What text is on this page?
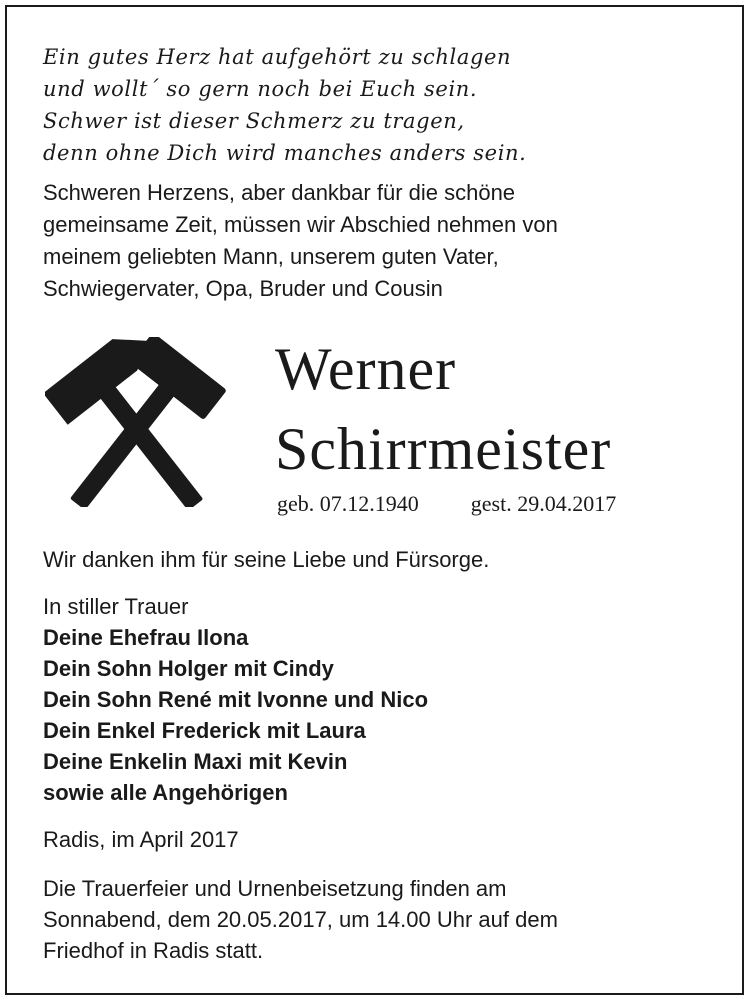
Ein gutes Herz hat aufgehört zu schlagen
und wollt´ so gern noch bei Euch sein.
Schwer ist dieser Schmerz zu tragen,
denn ohne Dich wird manches anders sein.
Schweren Herzens, aber dankbar für die schöne
gemeinsame Zeit, müssen wir Abschied nehmen von
meinem geliebten Mann, unserem guten Vater,
Schwiegervater, Opa, Bruder und Cousin
Werner
Schirrmeister
geb. 07.12.1940 gest. 29.04.2017
Wir danken ihm für seine Liebe und Fürsorge.
In stiller Trauer
Deine Ehefrau Ilona
Dein Sohn Holger mit Cindy
Dein Sohn René mit Ivonne und Nico
Dein Enkel Frederick mit Laura
Deine Enkelin Maxi mit Kevin
sowie alle Angehörigen
Radis, im April 2017
Die Trauerfeier und Urnenbeisetzung finden am
Sonnabend, dem 20.05.2017, um 14.00 Uhr auf dem
Friedhof in Radis statt.
